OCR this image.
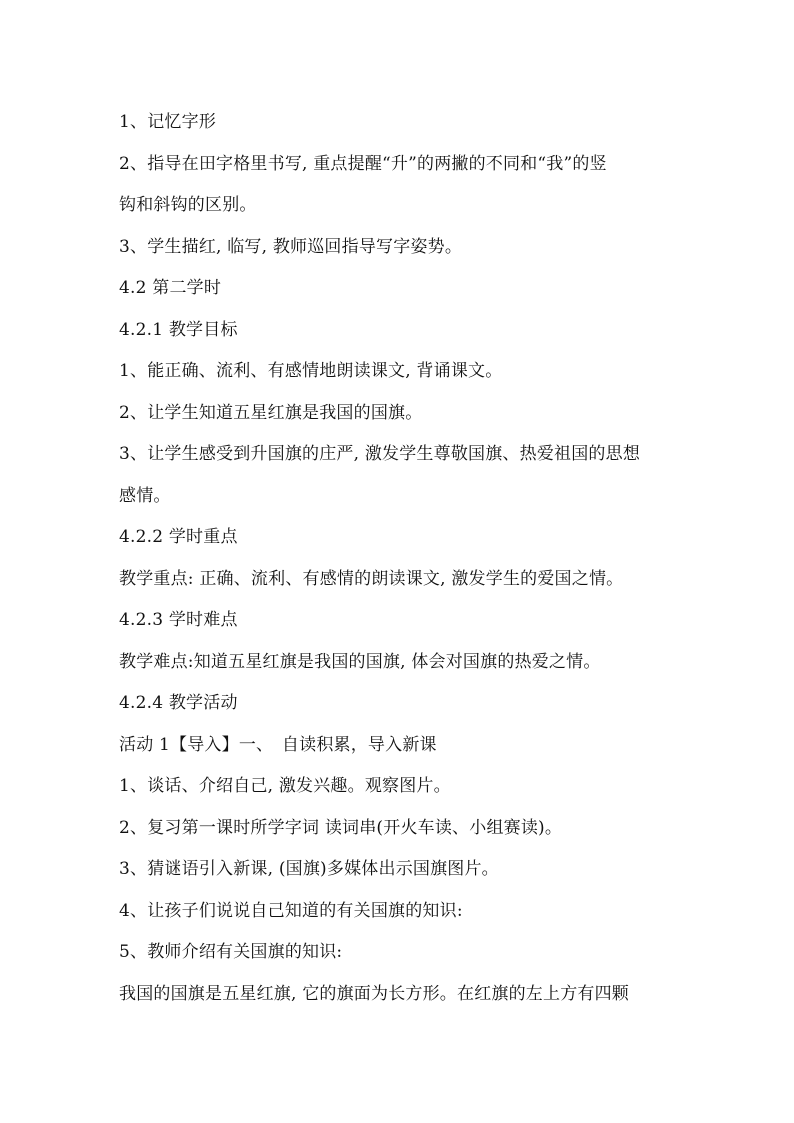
1、记忆字形
2、指导在田字格里书写, 重点提醒“升”的两撇的不同和“我”的竖
钩和斜钩的区别。
3、学生描红, 临写, 教师巡回指导写字姿势。
4.2 第二学时
4.2.1 教学目标
1、能正确、流利、有感情地朗读课文, 背诵课文。
2、让学生知道五星红旗是我国的国旗。
3、让学生感受到升国旗的庄严, 激发学生尊敬国旗、热爱祖国的思想
感情。
4.2.2 学时重点
教学重点: 正确、流利、有感情的朗读课文, 激发学生的爱国之情。
4.2.3 学时难点
教学难点:知道五星红旗是我国的国旗, 体会对国旗的热爱之情。
4.2.4 教学活动
活动 1【导入】一、　自读积累，导入新课
1、谈话、介绍自己, 激发兴趣。观察图片。
2、复习第一课时所学字词 读词串(开火车读、小组赛读)。
3、猜谜语引入新课, (国旗)多媒体出示国旗图片。
4、让孩子们说说自己知道的有关国旗的知识:
5、教师介绍有关国旗的知识:
我国的国旗是五星红旗, 它的旗面为长方形。在红旗的左上方有四颗
